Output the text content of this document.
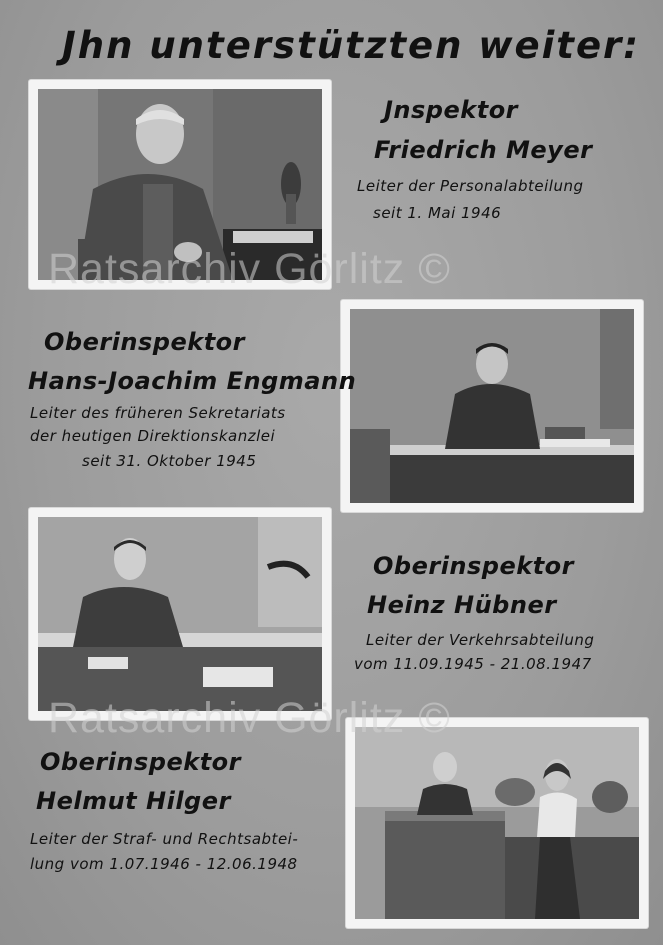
Jhn unterstützten weiter:
Jnspektor
Friedrich Meyer
Leiter der Personalabteilung
seit 1. Mai 1946
Oberinspektor
Hans-Joachim Engmann
Leiter des früheren Sekretariats
der heutigen Direktionskanzlei
seit 31. Oktober 1945
Oberinspektor
Heinz Hübner
Leiter der Verkehrsabteilung
vom 11.09.1945 - 21.08.1947
Oberinspektor
Helmut Hilger
Leiter der Straf- und Rechtsabtei-
lung vom 1.07.1946 - 12.06.1948
Ratsarchiv Görlitz ©
Ratsarchiv Görlitz ©
